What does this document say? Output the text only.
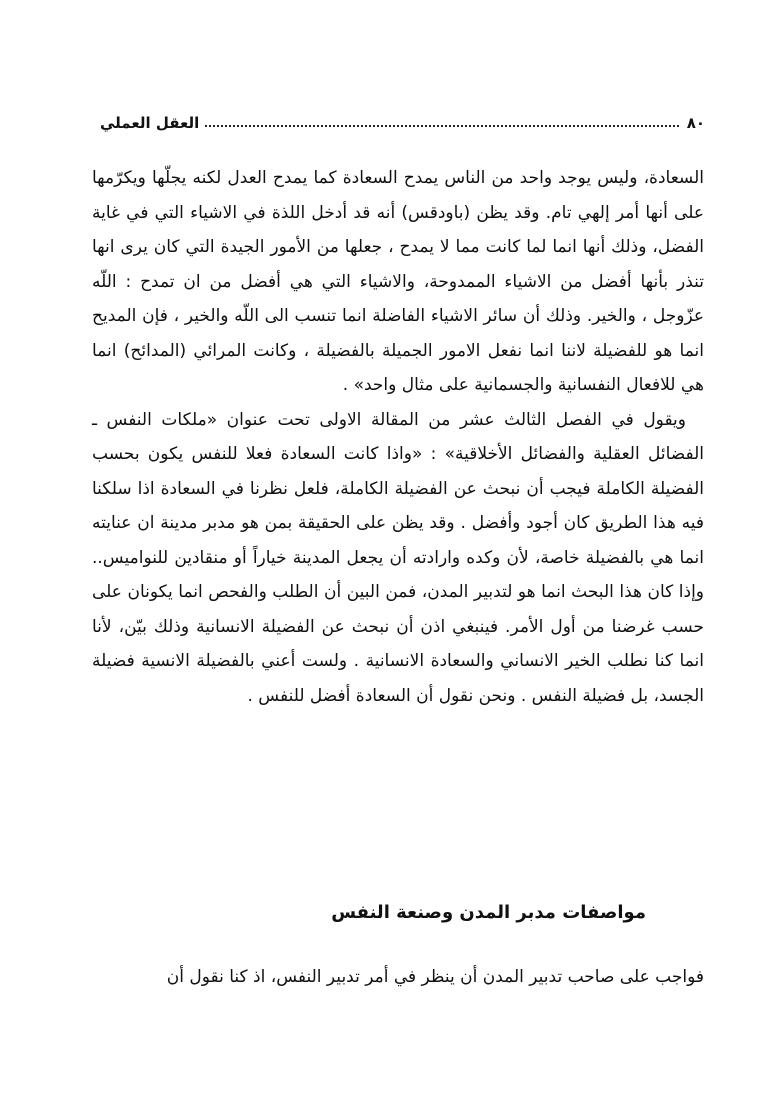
٨٠
العقل العملي

السعادة، وليس يوجد واحد من الناس يمدح السعادة كما يمدح العدل لكنه يجلّها ويكرّمها على أنها أمر إلهي تام. وقد يظن (باودقس) أنه قد أدخل اللذة في الاشياء التي في غاية الفضل، وذلك أنها انما لما كانت مما لا يمدح ، جعلها من الأمور الجيدة التي كان يرى انها تنذر بأنها أفضل من الاشياء الممدوحة، والاشياء التي هي أفضل من ان تمدح : اللّه عزّوجل ، والخير. وذلك أن سائر الاشياء الفاضلة انما تنسب الى اللّه والخير ، فإن المديح انما هو للفضيلة لاننا انما نفعل الامور الجميلة بالفضيلة ، وكانت المرائي (المدائح) انما هي للافعال النفسانية والجسمانية على مثال واحد» .

ويقول في الفصل الثالث عشر من المقالة الاولى تحت عنوان «ملكات النفس ـ الفضائل العقلية والفضائل الأخلاقية» : «واذا كانت السعادة فعلا للنفس يكون بحسب الفضيلة الكاملة فيجب أن نبحث عن الفضيلة الكاملة، فلعل نظرنا في السعادة اذا سلكنا فيه هذا الطريق كان أجود وأفضل . وقد يظن على الحقيقة بمن هو مدبر مدينة ان عنايته انما هي بالفضيلة خاصة، لأن وكده وارادته أن يجعل المدينة خياراً أو منقادين للنواميس.. وإذا كان هذا البحث انما هو لتدبير المدن، فمن البين أن الطلب والفحص انما يكونان على حسب غرضنا من أول الأمر. فينبغي اذن أن نبحث عن الفضيلة الانسانية وذلك بيّن، لأنا انما كنا نطلب الخير الانساني والسعادة الانسانية . ولست أعني بالفضيلة الانسية فضيلة الجسد، بل فضيلة النفس . ونحن نقول أن السعادة أفضل للنفس .

مواصفات مدبر المدن وصنعة النفس

فواجب على صاحب تدبير المدن أن ينظر في أمر تدبير النفس، اذ كنا نقول أن
